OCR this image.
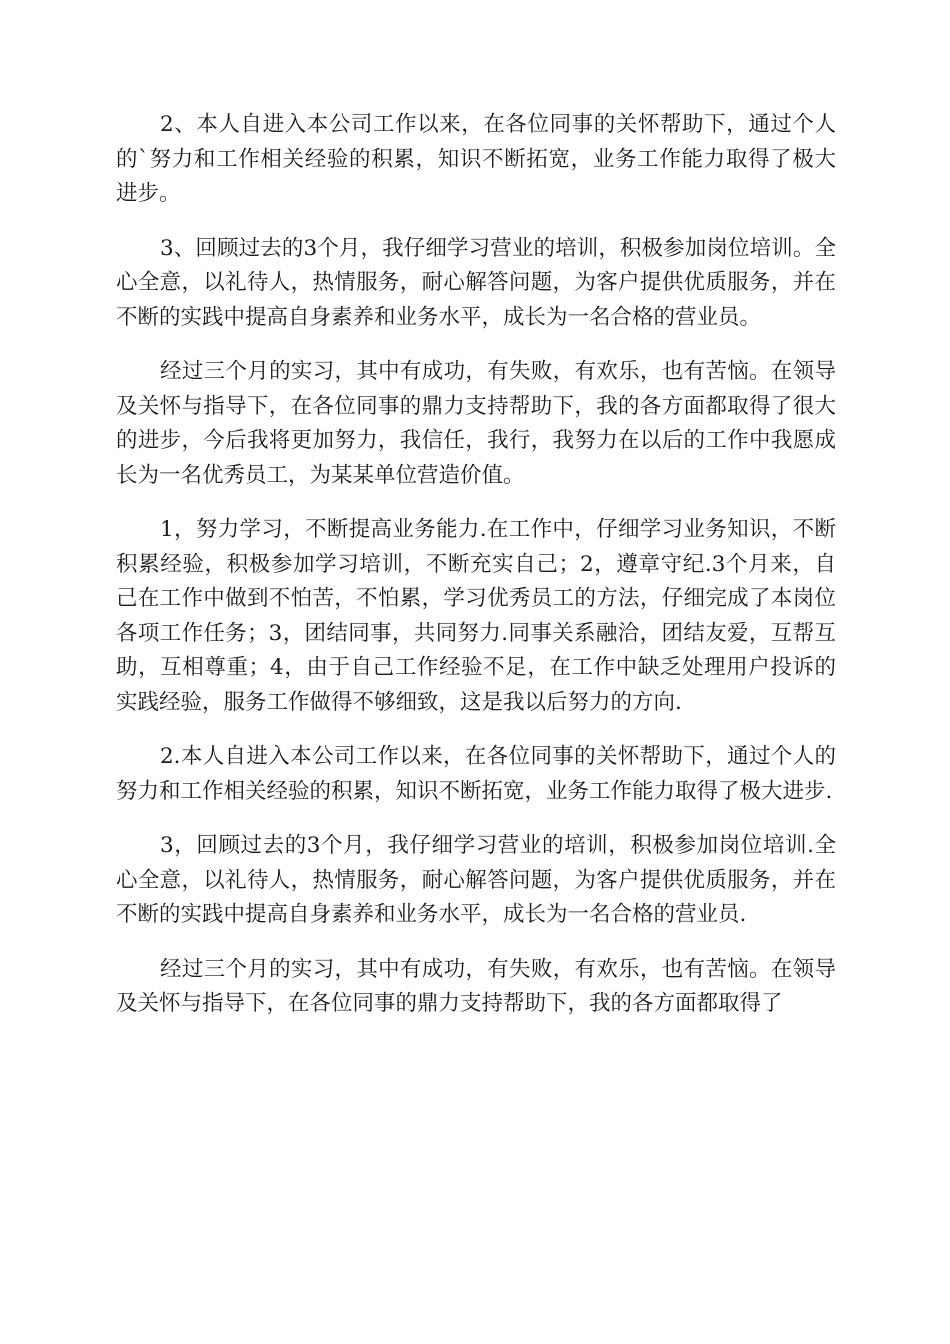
2、本人自进入本公司工作以来，在各位同事的关怀帮助下，通过个人的`努力和工作相关经验的积累，知识不断拓宽，业务工作能力取得了极大进步。

3、回顾过去的3个月，我仔细学习营业的培训，积极参加岗位培训。全心全意，以礼待人，热情服务，耐心解答问题，为客户提供优质服务，并在不断的实践中提高自身素养和业务水平，成长为一名合格的营业员。

经过三个月的实习，其中有成功，有失败，有欢乐，也有苦恼。在领导及关怀与指导下，在各位同事的鼎力支持帮助下，我的各方面都取得了很大的进步，今后我将更加努力，我信任，我行，我努力在以后的工作中我愿成长为一名优秀员工，为某某单位营造价值。

1，努力学习，不断提高业务能力.在工作中，仔细学习业务知识，不断积累经验，积极参加学习培训，不断充实自己；2，遵章守纪.3个月来，自己在工作中做到不怕苦，不怕累，学习优秀员工的方法，仔细完成了本岗位各项工作任务；3，团结同事，共同努力.同事关系融洽，团结友爱，互帮互助，互相尊重；4，由于自己工作经验不足，在工作中缺乏处理用户投诉的实践经验，服务工作做得不够细致，这是我以后努力的方向.

2.本人自进入本公司工作以来，在各位同事的关怀帮助下，通过个人的努力和工作相关经验的积累，知识不断拓宽，业务工作能力取得了极大进步.

3，回顾过去的3个月，我仔细学习营业的培训，积极参加岗位培训.全心全意，以礼待人，热情服务，耐心解答问题，为客户提供优质服务，并在不断的实践中提高自身素养和业务水平，成长为一名合格的营业员.

经过三个月的实习，其中有成功，有失败，有欢乐，也有苦恼。在领导及关怀与指导下，在各位同事的鼎力支持帮助下，我的各方面都取得了
